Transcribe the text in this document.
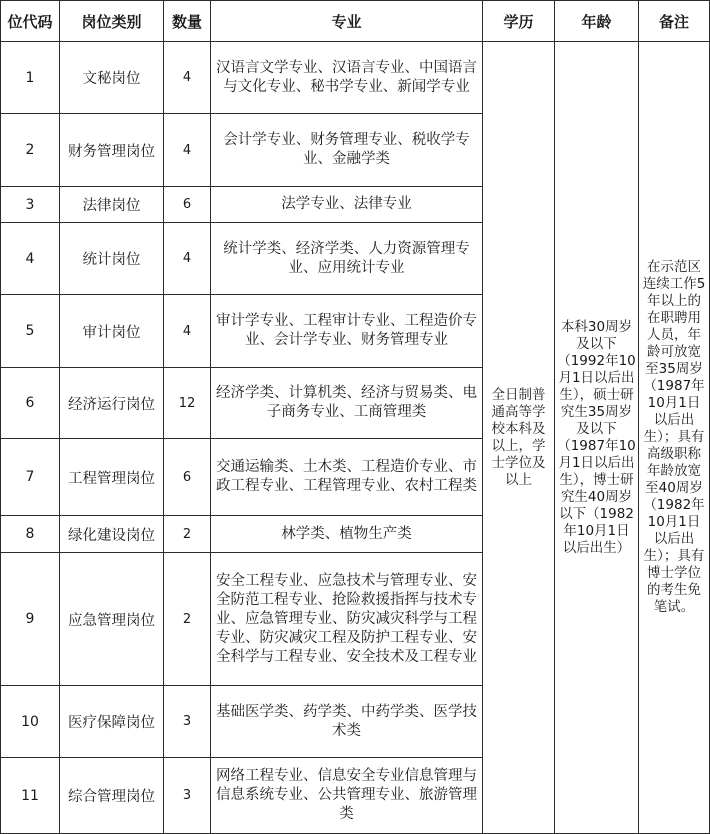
位代码	岗位类别	数量	专业	学历	年龄	备注
1	文秘岗位	4	汉语言文学专业、汉语言专业、中国语言与文化专业、秘书学专业、新闻学专业	全日制普通高等学校本科及以上，学士学位及以上	本科30周岁及以下（1992年10月1日以后出生），硕士研究生35周岁及以下（1987年10月1日以后出生），博士研究生40周岁以下（1982年10月1日以后出生）	在示范区连续工作5年以上的在职聘用人员，年龄可放宽至35周岁（1987年10月1日以后出生）；具有高级职称年龄放宽至40周岁（1982年10月1日以后出生）；具有博士学位的考生免笔试。
2	财务管理岗位	4	会计学专业、财务管理专业、税收学专业、金融学类			
3	法律岗位	6	法学专业、法律专业			
4	统计岗位	4	统计学类、经济学类、人力资源管理专业、应用统计专业			
5	审计岗位	4	审计学专业、工程审计专业、工程造价专业、会计学专业、财务管理专业			
6	经济运行岗位	12	经济学类、计算机类、经济与贸易类、电子商务专业、工商管理类			
7	工程管理岗位	6	交通运输类、土木类、工程造价专业、市政工程专业、工程管理专业、农村工程类			
8	绿化建设岗位	2	林学类、植物生产类			
9	应急管理岗位	2	安全工程专业、应急技术与管理专业、安全防范工程专业、抢险救援指挥与技术专业、应急管理专业、防灾减灾科学与工程专业、防灾减灾工程及防护工程专业、安全科学与工程专业、安全技术及工程专业			
10	医疗保障岗位	3	基础医学类、药学类、中药学类、医学技术类			
11	综合管理岗位	3	网络工程专业、信息安全专业信息管理与信息系统专业、公共管理专业、旅游管理类			
